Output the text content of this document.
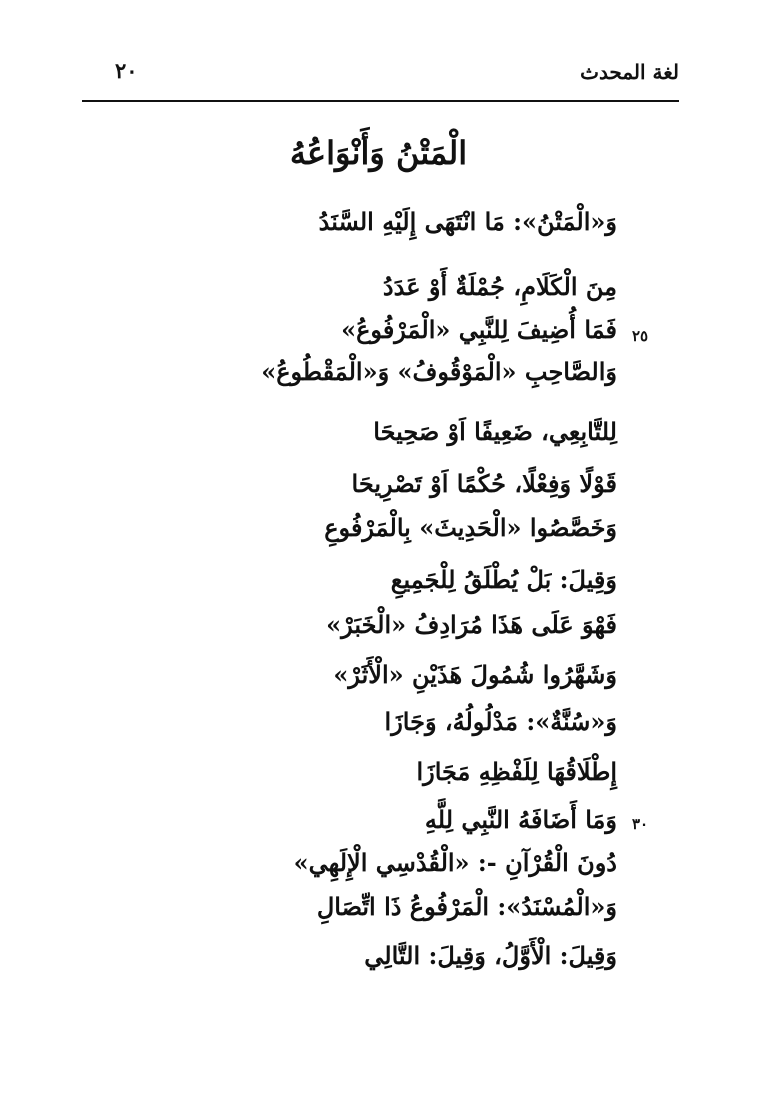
لغة المحدث
٢٠
الْمَتْنُ وَأَنْوَاعُهُ
وَ«الْمَتْنُ»: مَا انْتَهَى إِلَيْهِ السَّنَدُ
مِنَ الْكَلَامِ، جُمْلَةٌ أَوْ عَدَدُ
فَمَا أُضِيفَ لِلنَّبِي «الْمَرْفُوعُ»
وَالصَّاحِبِ «الْمَوْقُوفُ» وَ«الْمَقْطُوعُ»
لِلتَّابِعِي، ضَعِيفًا اَوْ صَحِيحَا
قَوْلًا وَفِعْلًا، حُكْمًا اَوْ تَصْرِيحَا
وَخَصَّصُوا «الْحَدِيثَ» بِالْمَرْفُوعِ
وَقِيلَ: بَلْ يُطْلَقُ لِلْجَمِيعِ
فَهْوَ عَلَى هَذَا مُرَادِفُ «الْخَبَرْ»
وَشَهَّرُوا شُمُولَ هَذَيْنِ «الْأَثَرْ»
وَ«سُنَّةٌ»: مَدْلُولُهُ، وَجَازَا
إِطْلَاقُهَا لِلَفْظِهِ مَجَازَا
وَمَا أَضَافَهُ النَّبِي لِلَّهِ
دُونَ الْقُرْآنِ -: «الْقُدْسِي الْإِلَهِي»
وَ«الْمُسْنَدُ»: الْمَرْفُوعُ ذَا اتِّصَالِ
وَقِيلَ: الْأَوَّلُ، وَقِيلَ: التَّالِي
٢٥
٣٠
